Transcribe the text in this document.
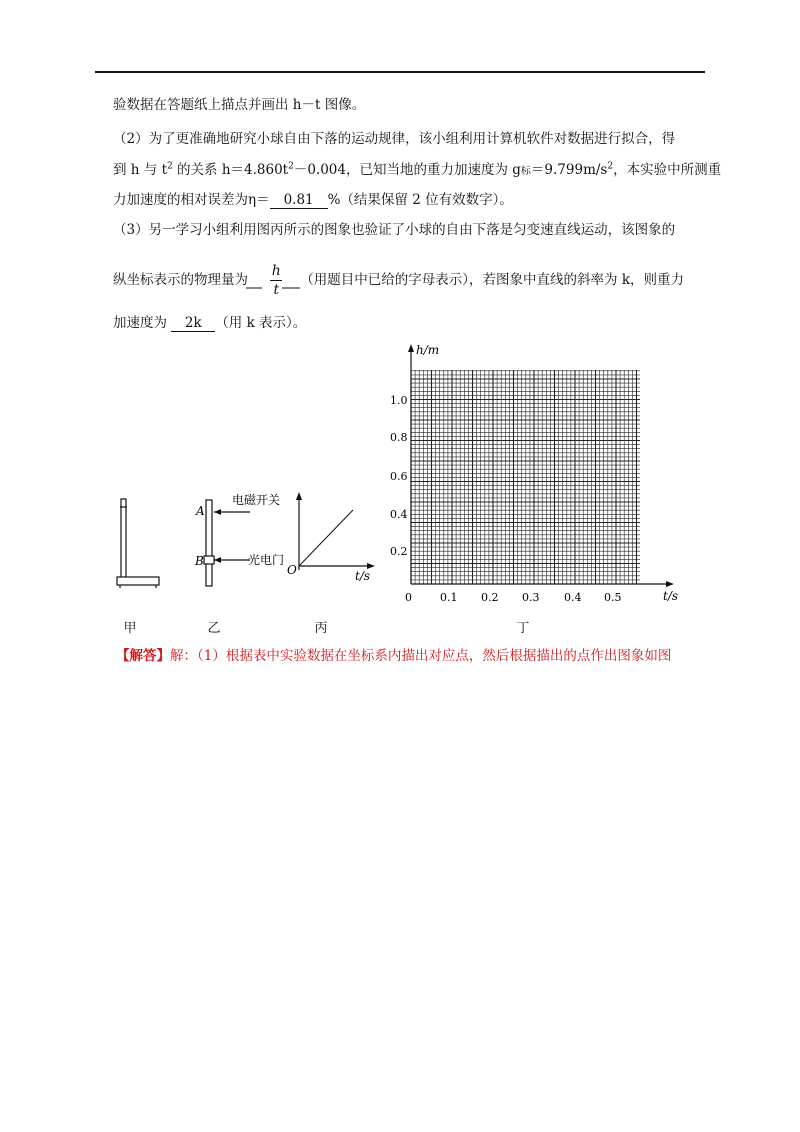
验数据在答题纸上描点并画出 h－t 图像。
（2）为了更准确地研究小球自由下落的运动规律，该小组利用计算机软件对数据进行拟合，得
到 h 与 $t^2$ 的关系 $h=4.860t^2-0.004$，已知当地的重力加速度为 g标$=9.799m/s^2$，本实验中所测重
力加速度的相对误差为η＝ 0.81 %（结果保留 2 位有效数字）。
（3）另一学习小组利用图丙所示的图象也验证了小球的自由下落是匀变速直线运动，该图象的
纵坐标表示的物理量为 $\frac{h}{t}$ （用题目中已给的字母表示），若图象中直线的斜率为 k，则重力
加速度为 2k （用 k 表示）。
A
B
电磁开关
光电门
O	t/s
h/m
t/s
1.0
0.8
0.6
0.4
0.2
0	0.1 0.2 0.3 0.4 0.5
甲	乙	丙	丁
【解答】解：（1）根据表中实验数据在坐标系内描出对应点，然后根据描出的点作出图象如图
